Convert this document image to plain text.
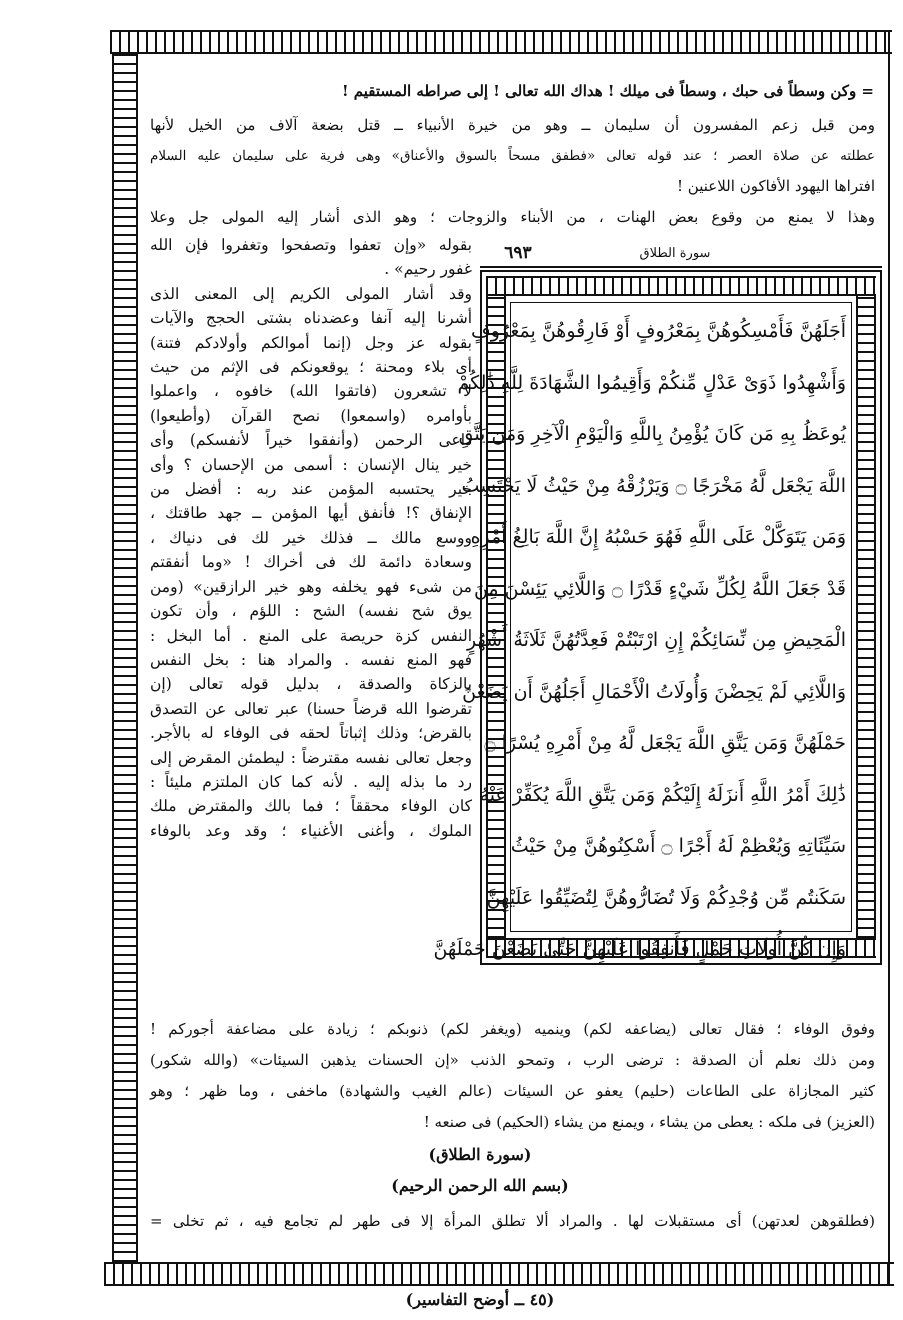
= وكن وسطاً فى حبك ، وسطاً فى ميلك ! هداك الله تعالى ! إلى صراطه المستقيم !
ومن قبل زعم المفسرون أن سليمان ــ وهو من خيرة الأنبياء ــ قتل بضعة آلاف من الخيل لأنها
عطلته عن صلاة العصر ؛ عند قوله تعالى «فطفق مسحاً بالسوق والأعناق» وهى فرية على سليمان عليه السلام
افتراها اليهود الأفاكون اللاعنين !
وهذا لا يمنع من وقوع بعض الهنات ، من الأبناء والزوجات ؛ وهو الذى أشار إليه المولى جل وعلا
بقوله «وإن تعفوا وتصفحوا وتغفروا فإن الله
غفور رحيم» .
وقد أشار المولى الكريم إلى المعنى الذى
أشرنا إليه آنفا وعضدناه بشتى الحجج والآيات
بقوله عز وجل (إنما أموالكم وأولادكم فتنة)
أى بلاء ومحنة ؛ يوقعونكم فى الإثم من حيث
لا تشعرون (فاتقوا الله) خافوه ، واعملوا
بأوامره (واسمعوا) نصح القرآن (وأطيعوا)
داعى الرحمن (وأنفقوا خيراً لأنفسكم) وأى
خير ينال الإنسان : أسمى من الإحسان ؟ وأى
خير يحتسبه المؤمن عند ربه : أفضل من
الإنفاق ؟! فأنفق أيها المؤمن ــ جهد طاقتك ،
ووسع مالك ــ فذلك خير لك فى دنياك ،
وسعادة دائمة لك فى أخراك ! «وما أنفقتم
من شىء فهو يخلفه وهو خير الرازقين» (ومن
يوق شح نفسه) الشح : اللؤم ، وأن تكون
النفس كزة حريصة على المنع . أما البخل :
فهو المنع نفسه . والمراد هنا : بخل النفس
بالزكاة والصدقة ، بدليل قوله تعالى (إن
تقرضوا الله قرضاً حسنا) عبر تعالى عن التصدق
بالقرض؛ وذلك إثباتاً لحقه فى الوفاء له بالأجر.
وجعل تعالى نفسه مقترضاً : ليطمئن المقرض إلى
رد ما بذله إليه . لأنه كما كان الملتزم مليئاً :
كان الوفاء محققاً ؛ فما بالك والمقترض ملك
الملوك ، وأغنى الأغنياء ؛ وقد وعد بالوفاء
٦٩٣	سورة الطلاق
أَجَلَهُنَّ فَأَمْسِكُوهُنَّ بِمَعْرُوفٍ أَوْ فَارِقُوهُنَّ بِمَعْرُوفٍ
وَأَشْهِدُوا ذَوَىْ عَدْلٍ مِّنكُمْ وَأَقِيمُوا الشَّهَادَةَ لِلَّهِ ذَٰلِكُمْ
يُوعَظُ بِهِ مَن كَانَ يُؤْمِنُ بِاللَّهِ وَالْيَوْمِ الْآخِرِ وَمَن يَتَّقِ
اللَّهَ يَجْعَل لَّهُ مَخْرَجًا ۝ وَيَرْزُقْهُ مِنْ حَيْثُ لَا يَحْتَسِبُ
وَمَن يَتَوَكَّلْ عَلَى اللَّهِ فَهُوَ حَسْبُهُ إِنَّ اللَّهَ بَالِغُ أَمْرِهِ
قَدْ جَعَلَ اللَّهُ لِكُلِّ شَيْءٍ قَدْرًا ۝ وَاللَّائِي يَئِسْنَ مِنَ
الْمَحِيضِ مِن نِّسَائِكُمْ إِنِ ارْتَبْتُمْ فَعِدَّتُهُنَّ ثَلَاثَةُ أَشْهُرٍ
وَاللَّائِي لَمْ يَحِضْنَ وَأُولَاتُ الْأَحْمَالِ أَجَلُهُنَّ أَن يَضَعْنَ
حَمْلَهُنَّ وَمَن يَتَّقِ اللَّهَ يَجْعَل لَّهُ مِنْ أَمْرِهِ يُسْرًا ۝
ذَٰلِكَ أَمْرُ اللَّهِ أَنزَلَهُ إِلَيْكُمْ وَمَن يَتَّقِ اللَّهَ يُكَفِّرْ عَنْهُ
سَيِّئَاتِهِ وَيُعْظِمْ لَهُ أَجْرًا ۝ أَسْكِنُوهُنَّ مِنْ حَيْثُ
سَكَنتُم مِّن وُجْدِكُمْ وَلَا تُضَارُّوهُنَّ لِتُضَيِّقُوا عَلَيْهِنَّ
وَإِن كُنَّ أُولَاتِ حَمْلٍ فَأَنفِقُوا عَلَيْهِنَّ حَتَّىٰ يَضَعْنَ حَمْلَهُنَّ
وفوق الوفاء ؛ فقال تعالى (يضاعفه لكم) وينميه (ويغفر لكم) ذنوبكم ؛ زيادة على مضاعفة أجوركم !
ومن ذلك نعلم أن الصدقة : ترضى الرب ، وتمحو الذنب «إن الحسنات يذهبن السيئات» (والله شكور)
كثير المجازاة على الطاعات (حليم) يعفو عن السيئات (عالم الغيب والشهادة) ماخفى ، وما ظهر ؛ وهو
(العزيز) فى ملكه : يعطى من يشاء ، ويمنع من يشاء (الحكيم) فى صنعه !
(سورة الطلاق)
(بسم الله الرحمن الرحيم)
(فطلقوهن لعدتهن) أى مستقبلات لها . والمراد ألا تطلق المرأة إلا فى طهر لم تجامع فيه ، ثم تخلى =
(٤٥ ــ أوضح التفاسير)
